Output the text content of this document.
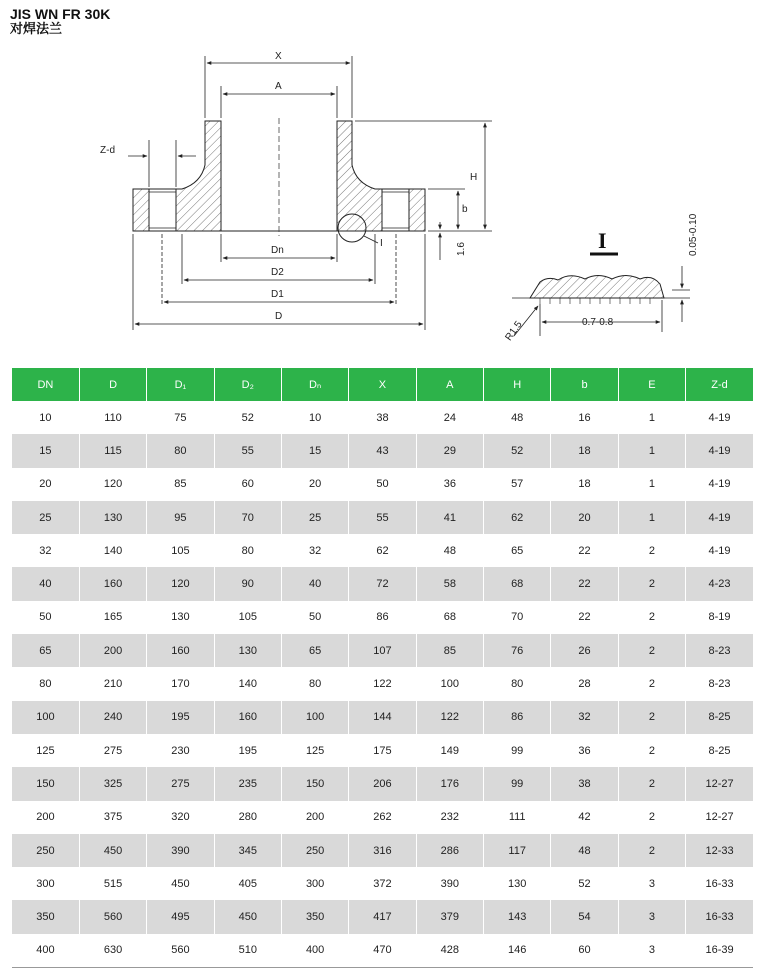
JIS WN FR 30K
对焊法兰
I
X
A
H
b
1.6
Z-d
Dn
D2
D1
D
I
0.7-0.8
R1.5
0.05-0.10
DN	D	D₁	D₂	Dₙ	X	A	H	b	E	Z-d
10	110	75	52	10	38	24	48	16	1	4-19
15	115	80	55	15	43	29	52	18	1	4-19
20	120	85	60	20	50	36	57	18	1	4-19
25	130	95	70	25	55	41	62	20	1	4-19
32	140	105	80	32	62	48	65	22	2	4-19
40	160	120	90	40	72	58	68	22	2	4-23
50	165	130	105	50	86	68	70	22	2	8-19
65	200	160	130	65	107	85	76	26	2	8-23
80	210	170	140	80	122	100	80	28	2	8-23
100	240	195	160	100	144	122	86	32	2	8-25
125	275	230	195	125	175	149	99	36	2	8-25
150	325	275	235	150	206	176	99	38	2	12-27
200	375	320	280	200	262	232	111	42	2	12-27
250	450	390	345	250	316	286	117	48	2	12-33
300	515	450	405	300	372	390	130	52	3	16-33
350	560	495	450	350	417	379	143	54	3	16-33
400	630	560	510	400	470	428	146	60	3	16-39
